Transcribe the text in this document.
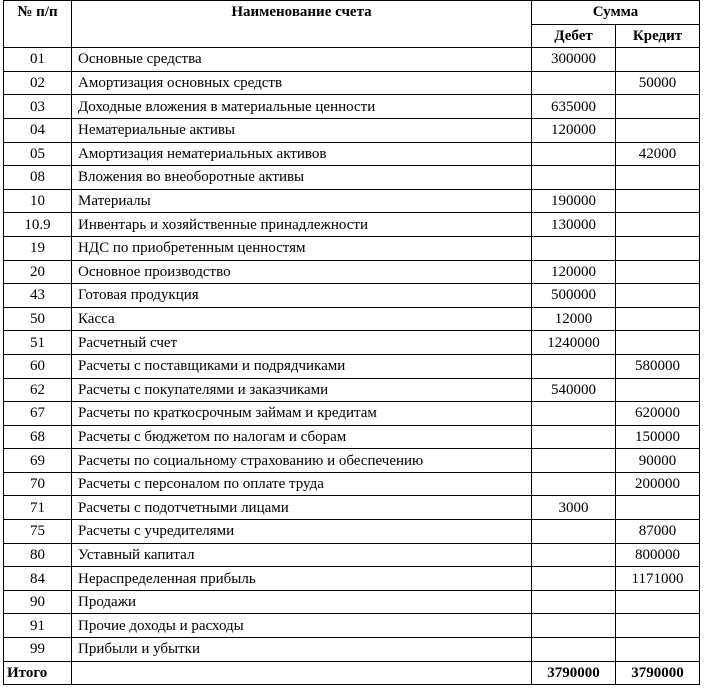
№ п/п	Наименование счета	Сумма	
		Дебет	Кредит
01	Основные средства	300000	
02	Амортизация основных средств		50000
03	Доходные вложения в материальные ценности	635000	
04	Нематериальные активы	120000	
05	Амортизация нематериальных активов		42000
08	Вложения во внеоборотные активы		
10	Материалы	190000	
10.9	Инвентарь и хозяйственные принадлежности	130000	
19	НДС по приобретенным ценностям		
20	Основное производство	120000	
43	Готовая продукция	500000	
50	Касса	12000	
51	Расчетный счет	1240000	
60	Расчеты с поставщиками и подрядчиками		580000
62	Расчеты с покупателями и заказчиками	540000	
67	Расчеты по краткосрочным займам и кредитам		620000
68	Расчеты с бюджетом по налогам и сборам		150000
69	Расчеты по социальному страхованию и обеспечению		90000
70	Расчеты с персоналом по оплате труда		200000
71	Расчеты с подотчетными лицами	3000	
75	Расчеты с учредителями		87000
80	Уставный капитал		800000
84	Нераспределенная прибыль		1171000
90	Продажи		
91	Прочие доходы и расходы		
99	Прибыли и убытки		
Итого		3790000	3790000
